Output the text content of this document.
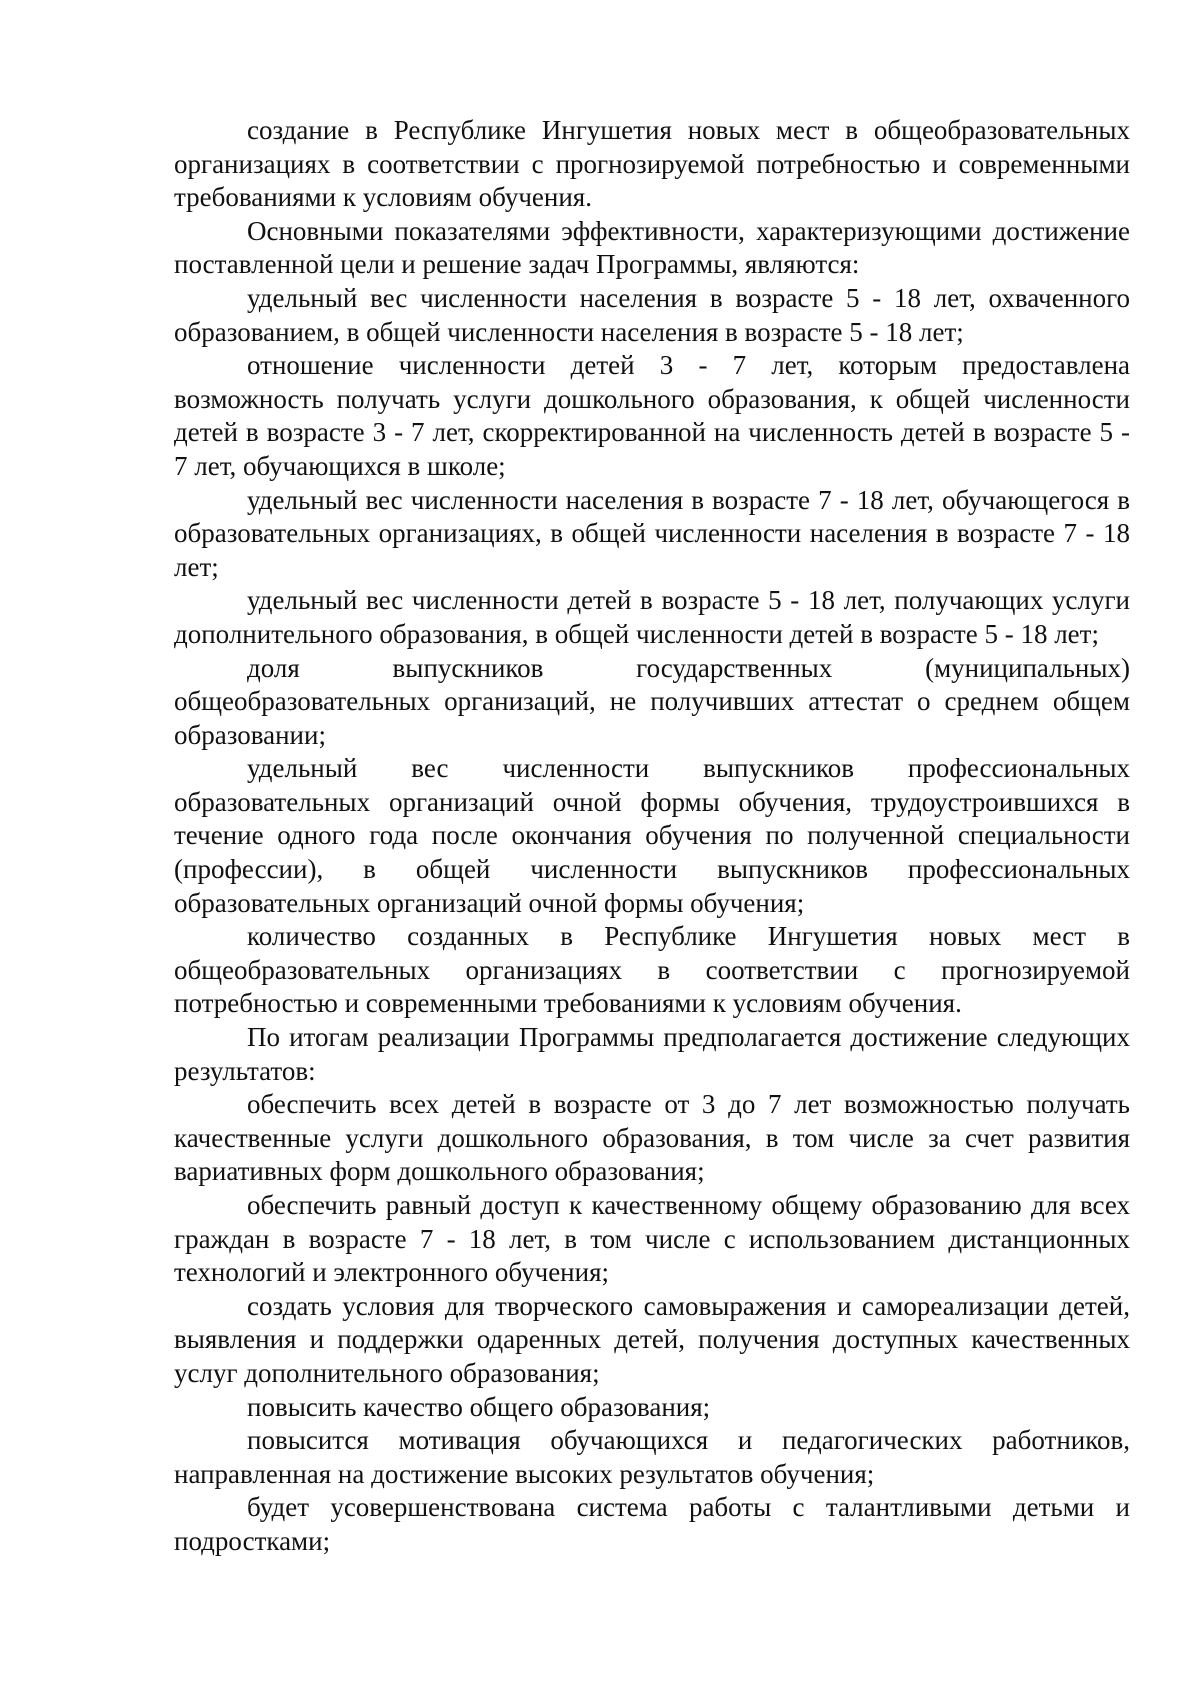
создание в Республике Ингушетия новых мест в общеобразовательных организациях в соответствии с прогнозируемой потребностью и современными требованиями к условиям обучения.

Основными показателями эффективности, характеризующими достижение поставленной цели и решение задач Программы, являются:

удельный вес численности населения в возрасте 5 - 18 лет, охваченного образованием, в общей численности населения в возрасте 5 - 18 лет;

отношение численности детей 3 - 7 лет, которым предоставлена возможность получать услуги дошкольного образования, к общей численности детей в возрасте 3 - 7 лет, скорректированной на численность детей в возрасте 5 - 7 лет, обучающихся в школе;

удельный вес численности населения в возрасте 7 - 18 лет, обучающегося в образовательных организациях, в общей численности населения в возрасте 7 - 18 лет;

удельный вес численности детей в возрасте 5 - 18 лет, получающих услуги дополнительного образования, в общей численности детей в возрасте 5 - 18 лет;

доля выпускников государственных (муниципальных) общеобразовательных организаций, не получивших аттестат о среднем общем образовании;

удельный вес численности выпускников профессиональных образовательных организаций очной формы обучения, трудоустроившихся в течение одного года после окончания обучения по полученной специальности (профессии), в общей численности выпускников профессиональных образовательных организаций очной формы обучения;

количество созданных в Республике Ингушетия новых мест в общеобразовательных организациях в соответствии с прогнозируемой потребностью и современными требованиями к условиям обучения.

По итогам реализации Программы предполагается достижение следующих результатов:

обеспечить всех детей в возрасте от 3 до 7 лет возможностью получать качественные услуги дошкольного образования, в том числе за счет развития вариативных форм дошкольного образования;

обеспечить равный доступ к качественному общему образованию для всех граждан в возрасте 7 - 18 лет, в том числе с использованием дистанционных технологий и электронного обучения;

создать условия для творческого самовыражения и самореализации детей, выявления и поддержки одаренных детей, получения доступных качественных услуг дополнительного образования;

повысить качество общего образования;

повысится мотивация обучающихся и педагогических работников, направленная на достижение высоких результатов обучения;

будет усовершенствована система работы с талантливыми детьми и подростками;
